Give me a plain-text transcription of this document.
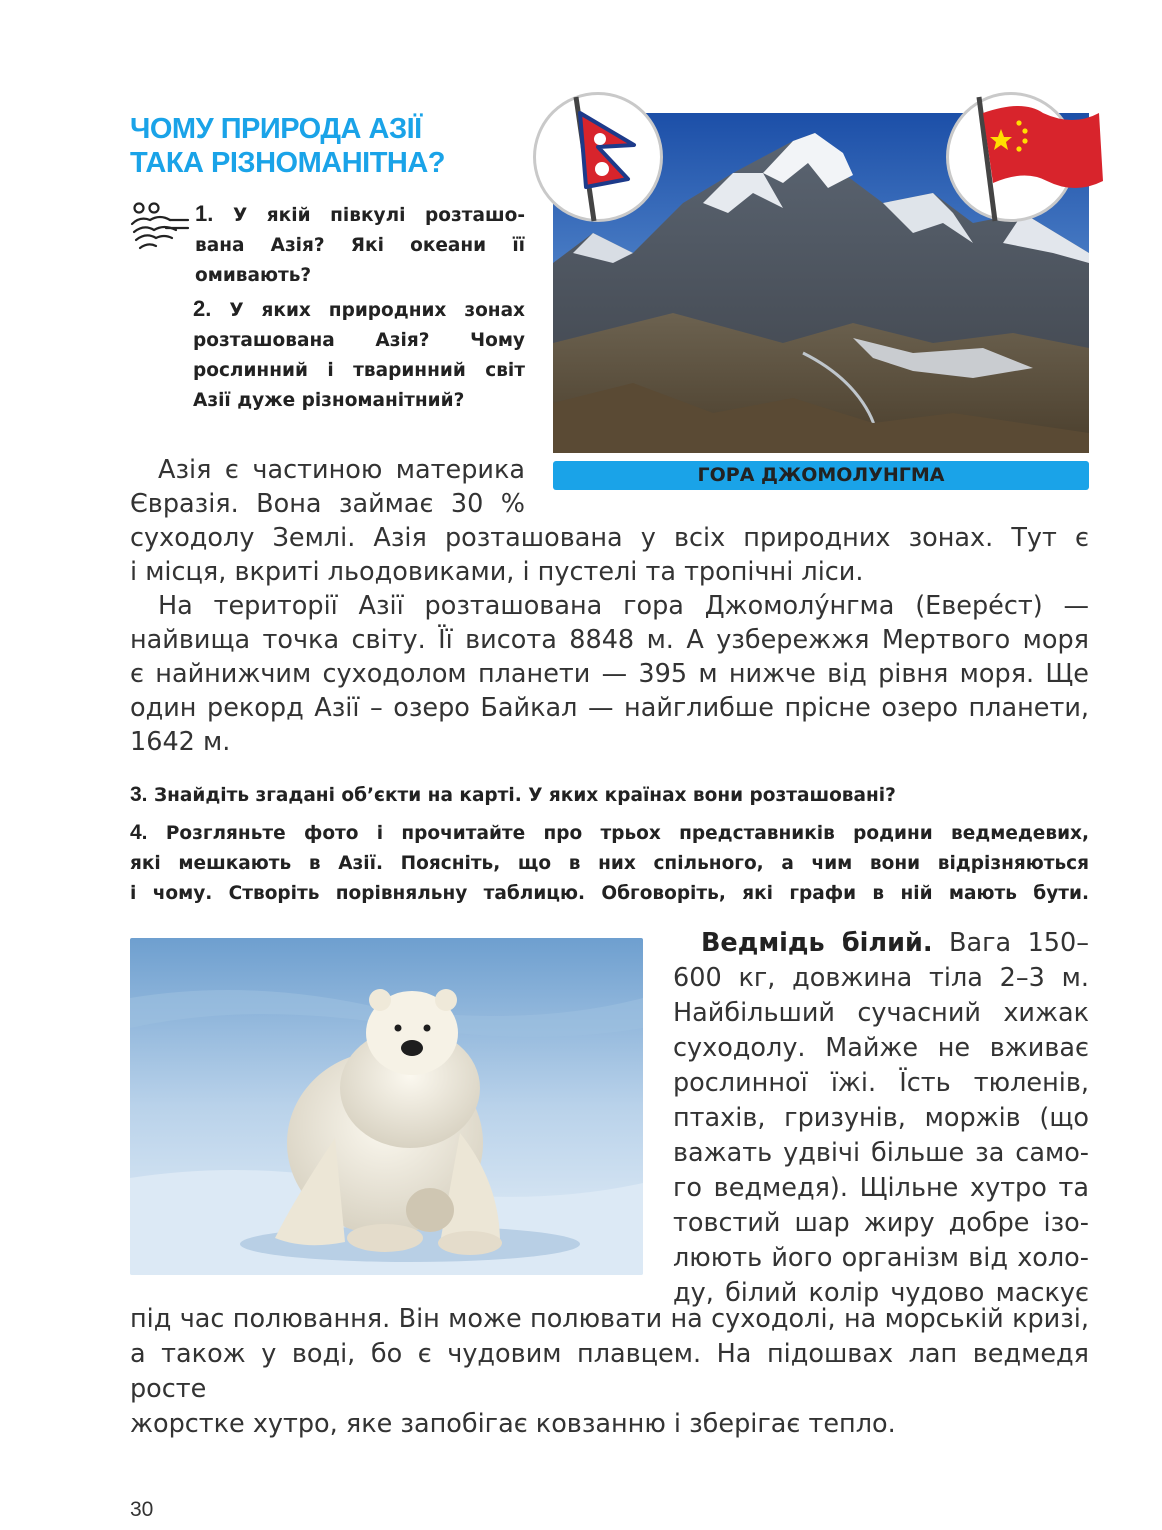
ЧОМУ ПРИРОДА АЗІЇ
ТАКА РІЗНОМАНІТНА?
1. У якій півкулі розташо-
вана Азія? Які океани її
омивають?
2. У яких природних зонах
розташована Азія? Чому
рослинний і тваринний світ
Азії дуже різноманітний?
ГОРА ДЖОМОЛУНГМА
Азія є частиною материка
Євразія. Вона займає 30 %
суходолу Землі. Азія розташована у всіх природних зонах. Тут є
і місця, вкриті льодовиками, і пустелі та тропічні ліси.
На території Азії розташована гора Джомолу́нгма (Евере́ст) —
найвища точка світу. Її висота 8848 м. А узбережжя Мертвого моря
є найнижчим суходолом планети — 395 м нижче від рівня моря. Ще
один рекорд Азії – озеро Байкал — найглибше прісне озеро планети,
1642 м.
3. Знайдіть згадані об’єкти на карті. У яких країнах вони розташовані?
4. Розгляньте фото і прочитайте про трьох представників родини ведмедевих,
які мешкають в Азії. Поясніть, що в них спільного, а чим вони відрізняються
і чому. Створіть порівняльну таблицю. Обговоріть, які графи в ній мають бути.
Ведмідь білий. Вага 150–
600 кг, довжина тіла 2–3 м.
Найбільший сучасний хижак
суходолу. Майже не вживає
рослинної їжі. Їсть тюленів,
птахів, гризунів, моржів (що
важать удвічі більше за само-
го ведмедя). Щільне хутро та
товстий шар жиру добре ізо-
люють його організм від холо-
ду, білий колір чудово маскує
під час полювання. Він може полювати на суходолі, на морській кризі,
а також у воді, бо є чудовим плавцем. На підошвах лап ведмедя росте
жорстке хутро, яке запобігає ковзанню і зберігає тепло.
30
